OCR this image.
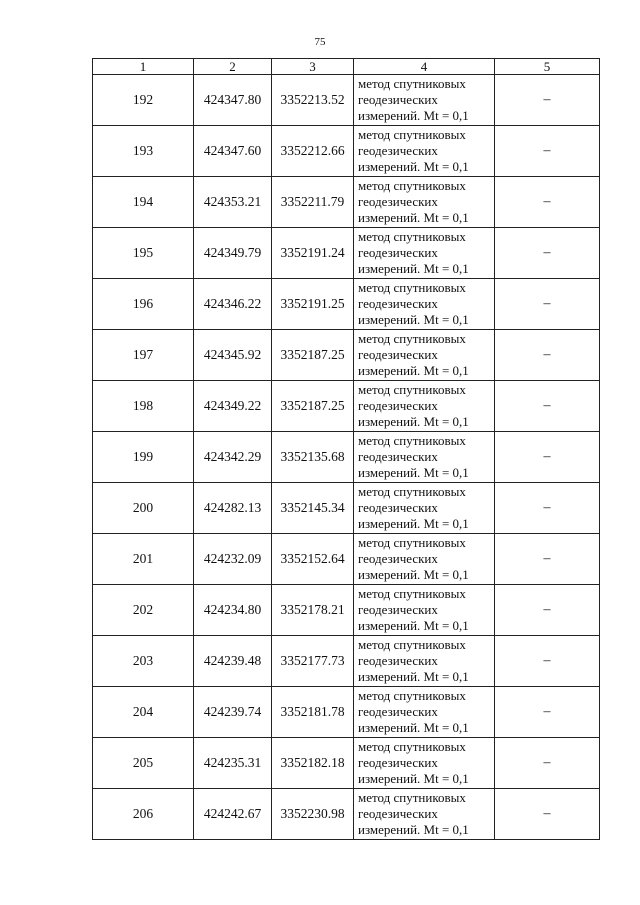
75
1	2	3	4	5
192	424347.80	3352213.52	метод спутниковых
геодезических
измерений. Mt = 0,1	–
193	424347.60	3352212.66	метод спутниковых
геодезических
измерений. Mt = 0,1	–
194	424353.21	3352211.79	метод спутниковых
геодезических
измерений. Mt = 0,1	–
195	424349.79	3352191.24	метод спутниковых
геодезических
измерений. Mt = 0,1	–
196	424346.22	3352191.25	метод спутниковых
геодезических
измерений. Mt = 0,1	–
197	424345.92	3352187.25	метод спутниковых
геодезических
измерений. Mt = 0,1	–
198	424349.22	3352187.25	метод спутниковых
геодезических
измерений. Mt = 0,1	–
199	424342.29	3352135.68	метод спутниковых
геодезических
измерений. Mt = 0,1	–
200	424282.13	3352145.34	метод спутниковых
геодезических
измерений. Mt = 0,1	–
201	424232.09	3352152.64	метод спутниковых
геодезических
измерений. Mt = 0,1	–
202	424234.80	3352178.21	метод спутниковых
геодезических
измерений. Mt = 0,1	–
203	424239.48	3352177.73	метод спутниковых
геодезических
измерений. Mt = 0,1	–
204	424239.74	3352181.78	метод спутниковых
геодезических
измерений. Mt = 0,1	–
205	424235.31	3352182.18	метод спутниковых
геодезических
измерений. Mt = 0,1	–
206	424242.67	3352230.98	метод спутниковых
геодезических
измерений. Mt = 0,1	–
